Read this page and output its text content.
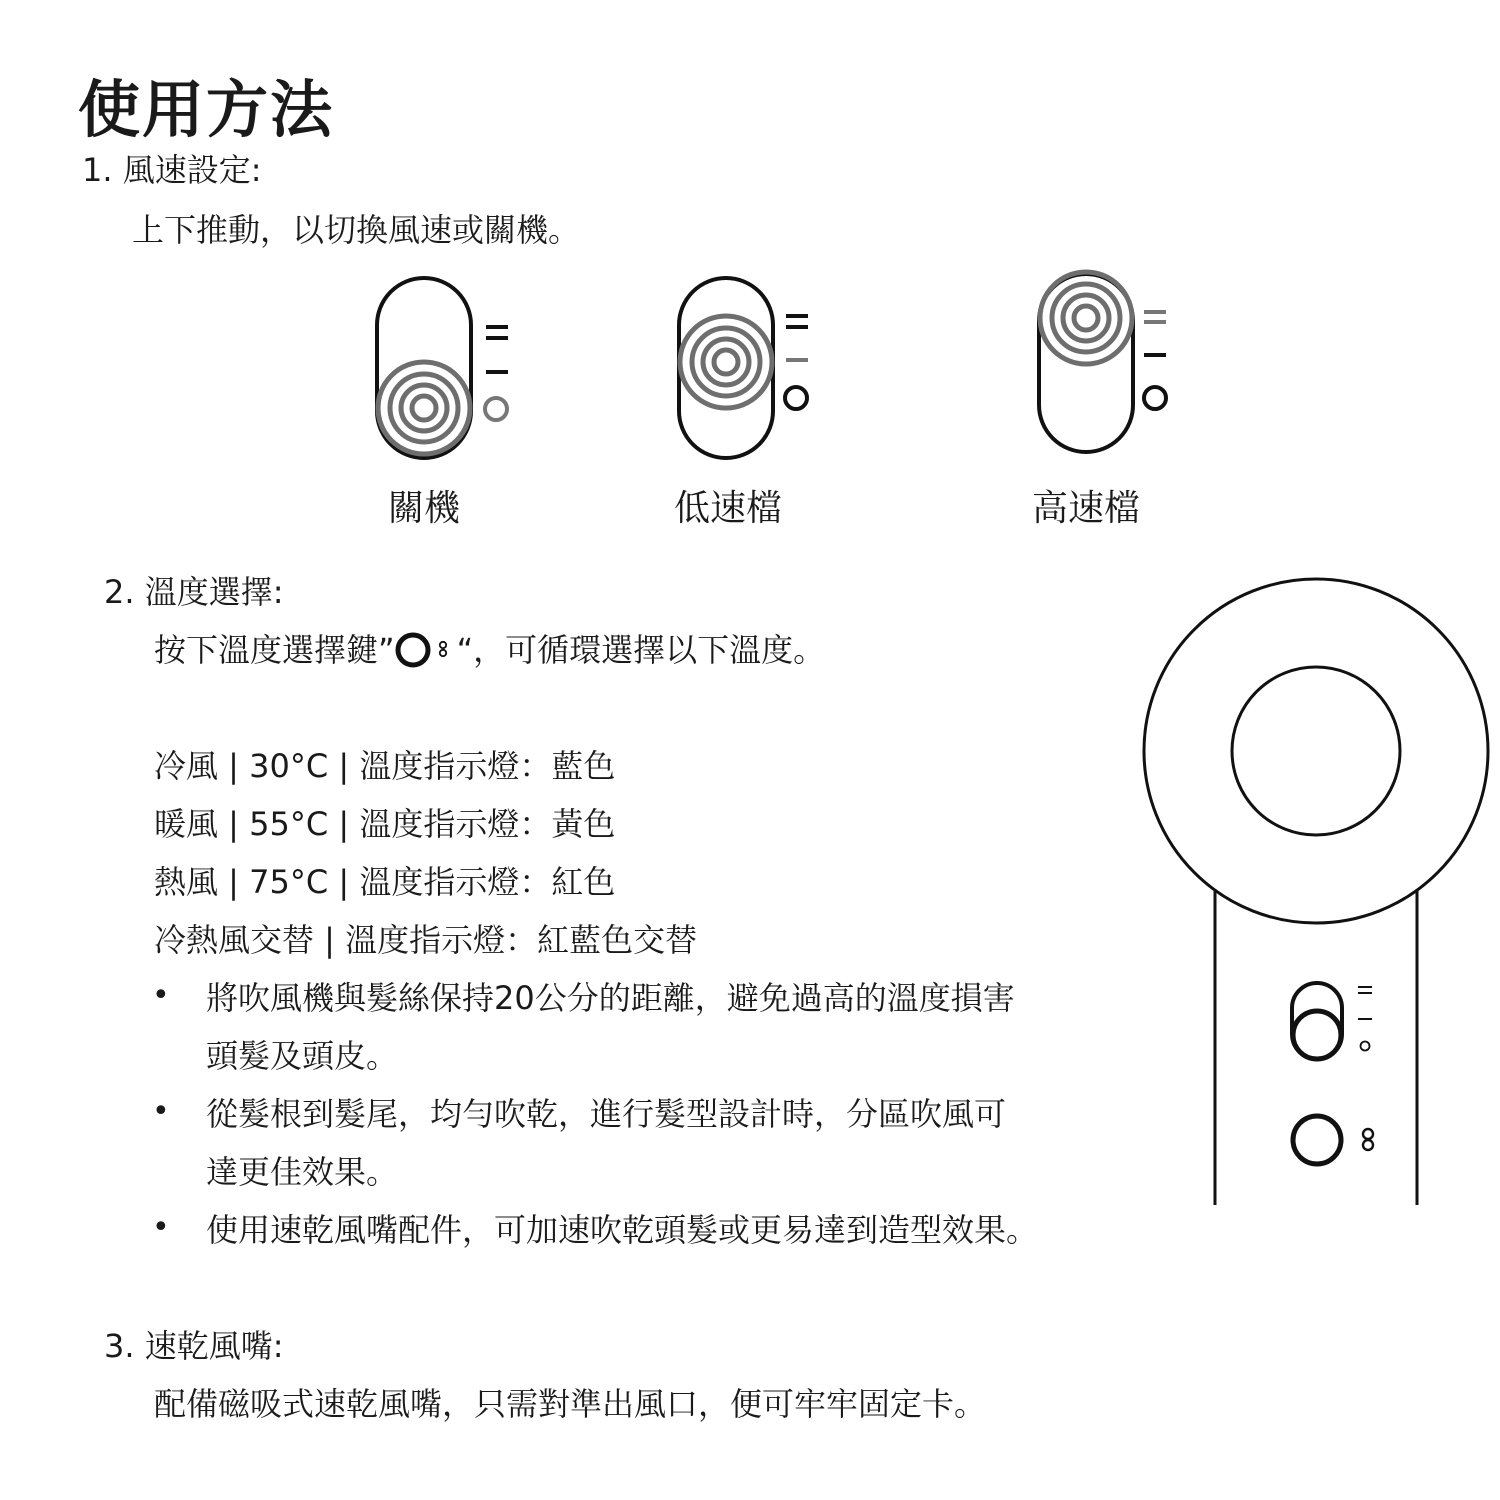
使用方法
1. 風速設定:
上下推動，以切換風速或關機。
關機	低速檔	高速檔
2. 溫度選擇:
按下溫度選擇鍵” “，可循環選擇以下溫度。
冷風 | 30°C | 溫度指示燈：藍色
暖風 | 55°C | 溫度指示燈：黃色
熱風 | 75°C | 溫度指示燈：紅色
冷熱風交替 | 溫度指示燈：紅藍色交替
• 將吹風機與髮絲保持20公分的距離，避免過高的溫度損害
頭髮及頭皮。
• 從髮根到髮尾，均勻吹乾，進行髮型設計時，分區吹風可
達更佳效果。
• 使用速乾風嘴配件，可加速吹乾頭髮或更易達到造型效果。
3. 速乾風嘴:
配備磁吸式速乾風嘴，只需對準出風口，便可牢牢固定卡。
